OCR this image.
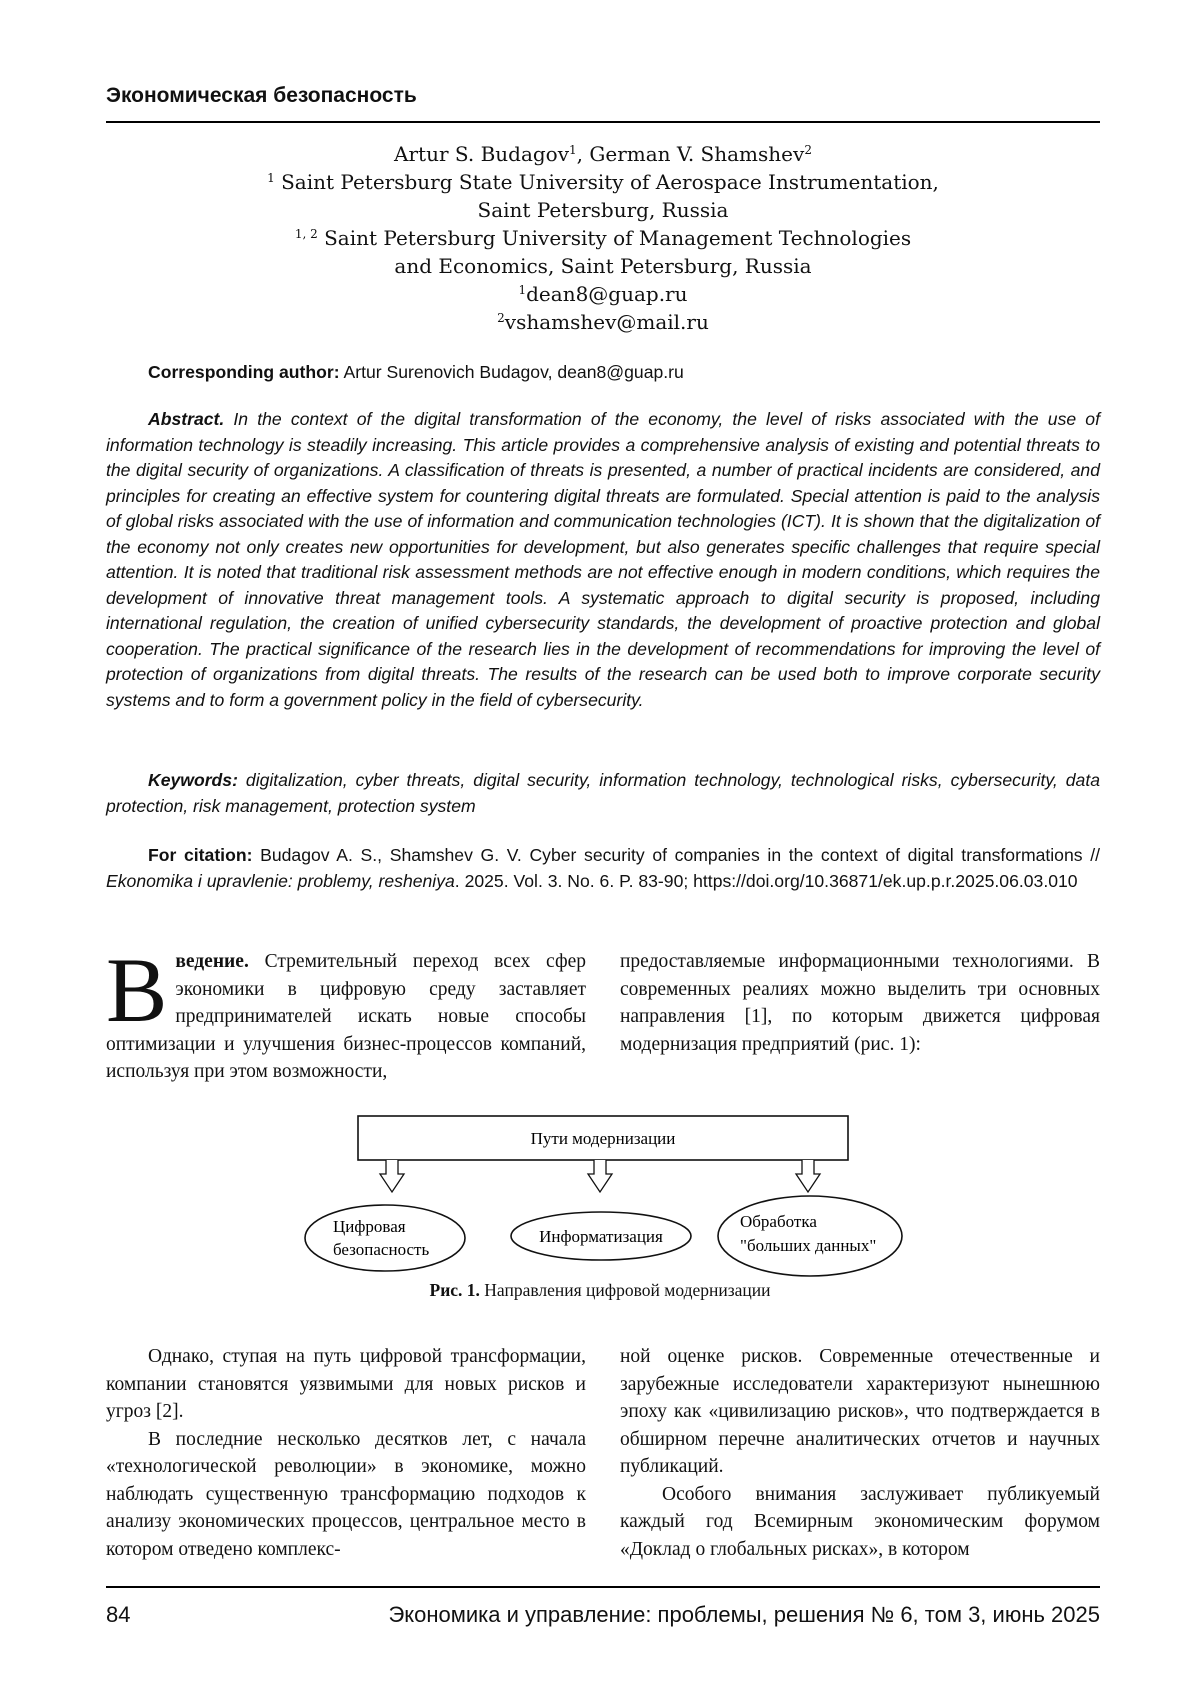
Экономическая безопасность
Artur S. Budagov$^1$, German V. Shamshev$^2$
$^1$ Saint Petersburg State University of Aerospace Instrumentation,
Saint Petersburg, Russia
$^{1, 2}$ Saint Petersburg University of Management Technologies
and Economics, Saint Petersburg, Russia
$^1$dean8@guap.ru
$^2$vshamshev@mail.ru
Corresponding author: Artur Surenovich Budagov, dean8@guap.ru
Abstract. In the context of the digital transformation of the economy, the level of risks associated with the use of information technology is steadily increasing. This article provides a comprehensive analysis of existing and potential threats to the digital security of organizations. A classification of threats is presented, a number of practical incidents are considered, and principles for creating an effective system for countering digital threats are formulated. Special attention is paid to the analysis of global risks associated with the use of information and communication technologies (ICT). It is shown that the digitalization of the economy not only creates new opportunities for development, but also generates specific challenges that require special attention. It is noted that traditional risk assessment methods are not effective enough in modern conditions, which requires the development of innovative threat management tools. A systematic approach to digital security is proposed, including international regulation, the creation of unified cybersecurity standards, the development of proactive protection and global cooperation. The practical significance of the research lies in the development of recommendations for improving the level of protection of organizations from digital threats. The results of the research can be used both to improve corporate security systems and to form a government policy in the field of cybersecurity.
Keywords: digitalization, cyber threats, digital security, information technology, technological risks, cybersecurity, data protection, risk management, protection system
For citation: Budagov A. S., Shamshev G. V. Cyber security of companies in the context of digital transformations // Ekonomika i upravlenie: problemy, resheniya. 2025. Vol. 3. No. 6. P. 83-90; https://doi.org/10.36871/ek.up.p.r.2025.06.03.010
Введение. Стремительный переход всех сфер экономики в цифровую среду заставляет предпринимателей искать новые способы оптимизации и улучшения бизнес-процессов компаний, используя при этом возможности,
предоставляемые информационными технологиями. В современных реалиях можно выделить три основных направления [1], по которым движется цифровая модернизация предприятий (рис. 1):
Пути модернизации
Цифровая
безопасность
Информатизация
Обработка
"больших данных"
Рис. 1. Направления цифровой модернизации

Однако, ступая на путь цифровой трансформации, компании становятся уязвимыми для новых рисков и угроз [2].

В последние несколько десятков лет, с начала «технологической революции» в экономике, можно наблюдать существенную трансформацию подходов к анализу экономических процессов, центральное место в котором отведено комплекс-

ной оценке рисков. Современные отечественные и зарубежные исследователи характеризуют нынешнюю эпоху как «цивилизацию рисков», что подтверждается в обширном перечне аналитических отчетов и научных публикаций.

Особого внимания заслуживает публикуемый каждый год Всемирным экономическим форумом «Доклад о глобальных рисках», в котором

84	Экономика и управление: проблемы, решения № 6, том 3, июнь 2025
